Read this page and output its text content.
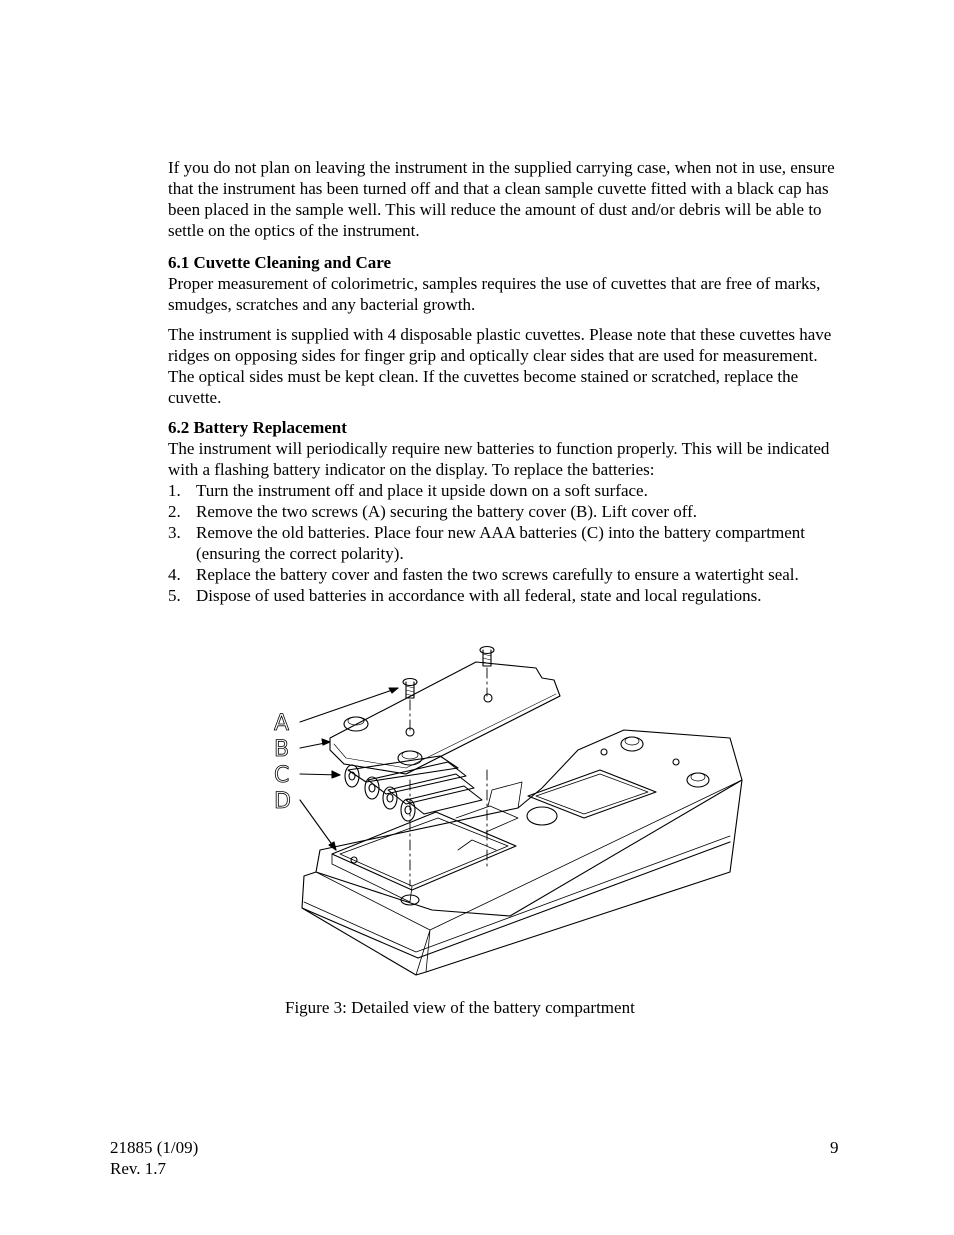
If you do not plan on leaving the instrument in the supplied carrying case, when not in use, ensure that the instrument has been turned off and that a clean sample cuvette fitted with a black cap has been placed in the sample well. This will reduce the amount of dust and/or debris will be able to settle on the optics of the instrument.

6.1 Cuvette Cleaning and Care

Proper measurement of colorimetric, samples requires the use of cuvettes that are free of marks, smudges, scratches and any bacterial growth.

The instrument is supplied with 4 disposable plastic cuvettes. Please note that these cuvettes have ridges on opposing sides for finger grip and optically clear sides that are used for measurement. The optical sides must be kept clean. If the cuvettes become stained or scratched, replace the cuvette.

6.2 Battery Replacement

The instrument will periodically require new batteries to function properly. This will be indicated with a flashing battery indicator on the display. To replace the batteries:

1. Turn the instrument off and place it upside down on a soft surface.
2. Remove the two screws (A) securing the battery cover (B). Lift cover off.
3. Remove the old batteries. Place four new AAA batteries (C) into the battery compartment (ensuring the correct polarity).
4. Replace the battery cover and fasten the two screws carefully to ensure a watertight seal.
5. Dispose of used batteries in accordance with all federal, state and local regulations.
A
B
C
D
Figure 3: Detailed view of the battery compartment
21885 (1/09)
Rev. 1.7
9
